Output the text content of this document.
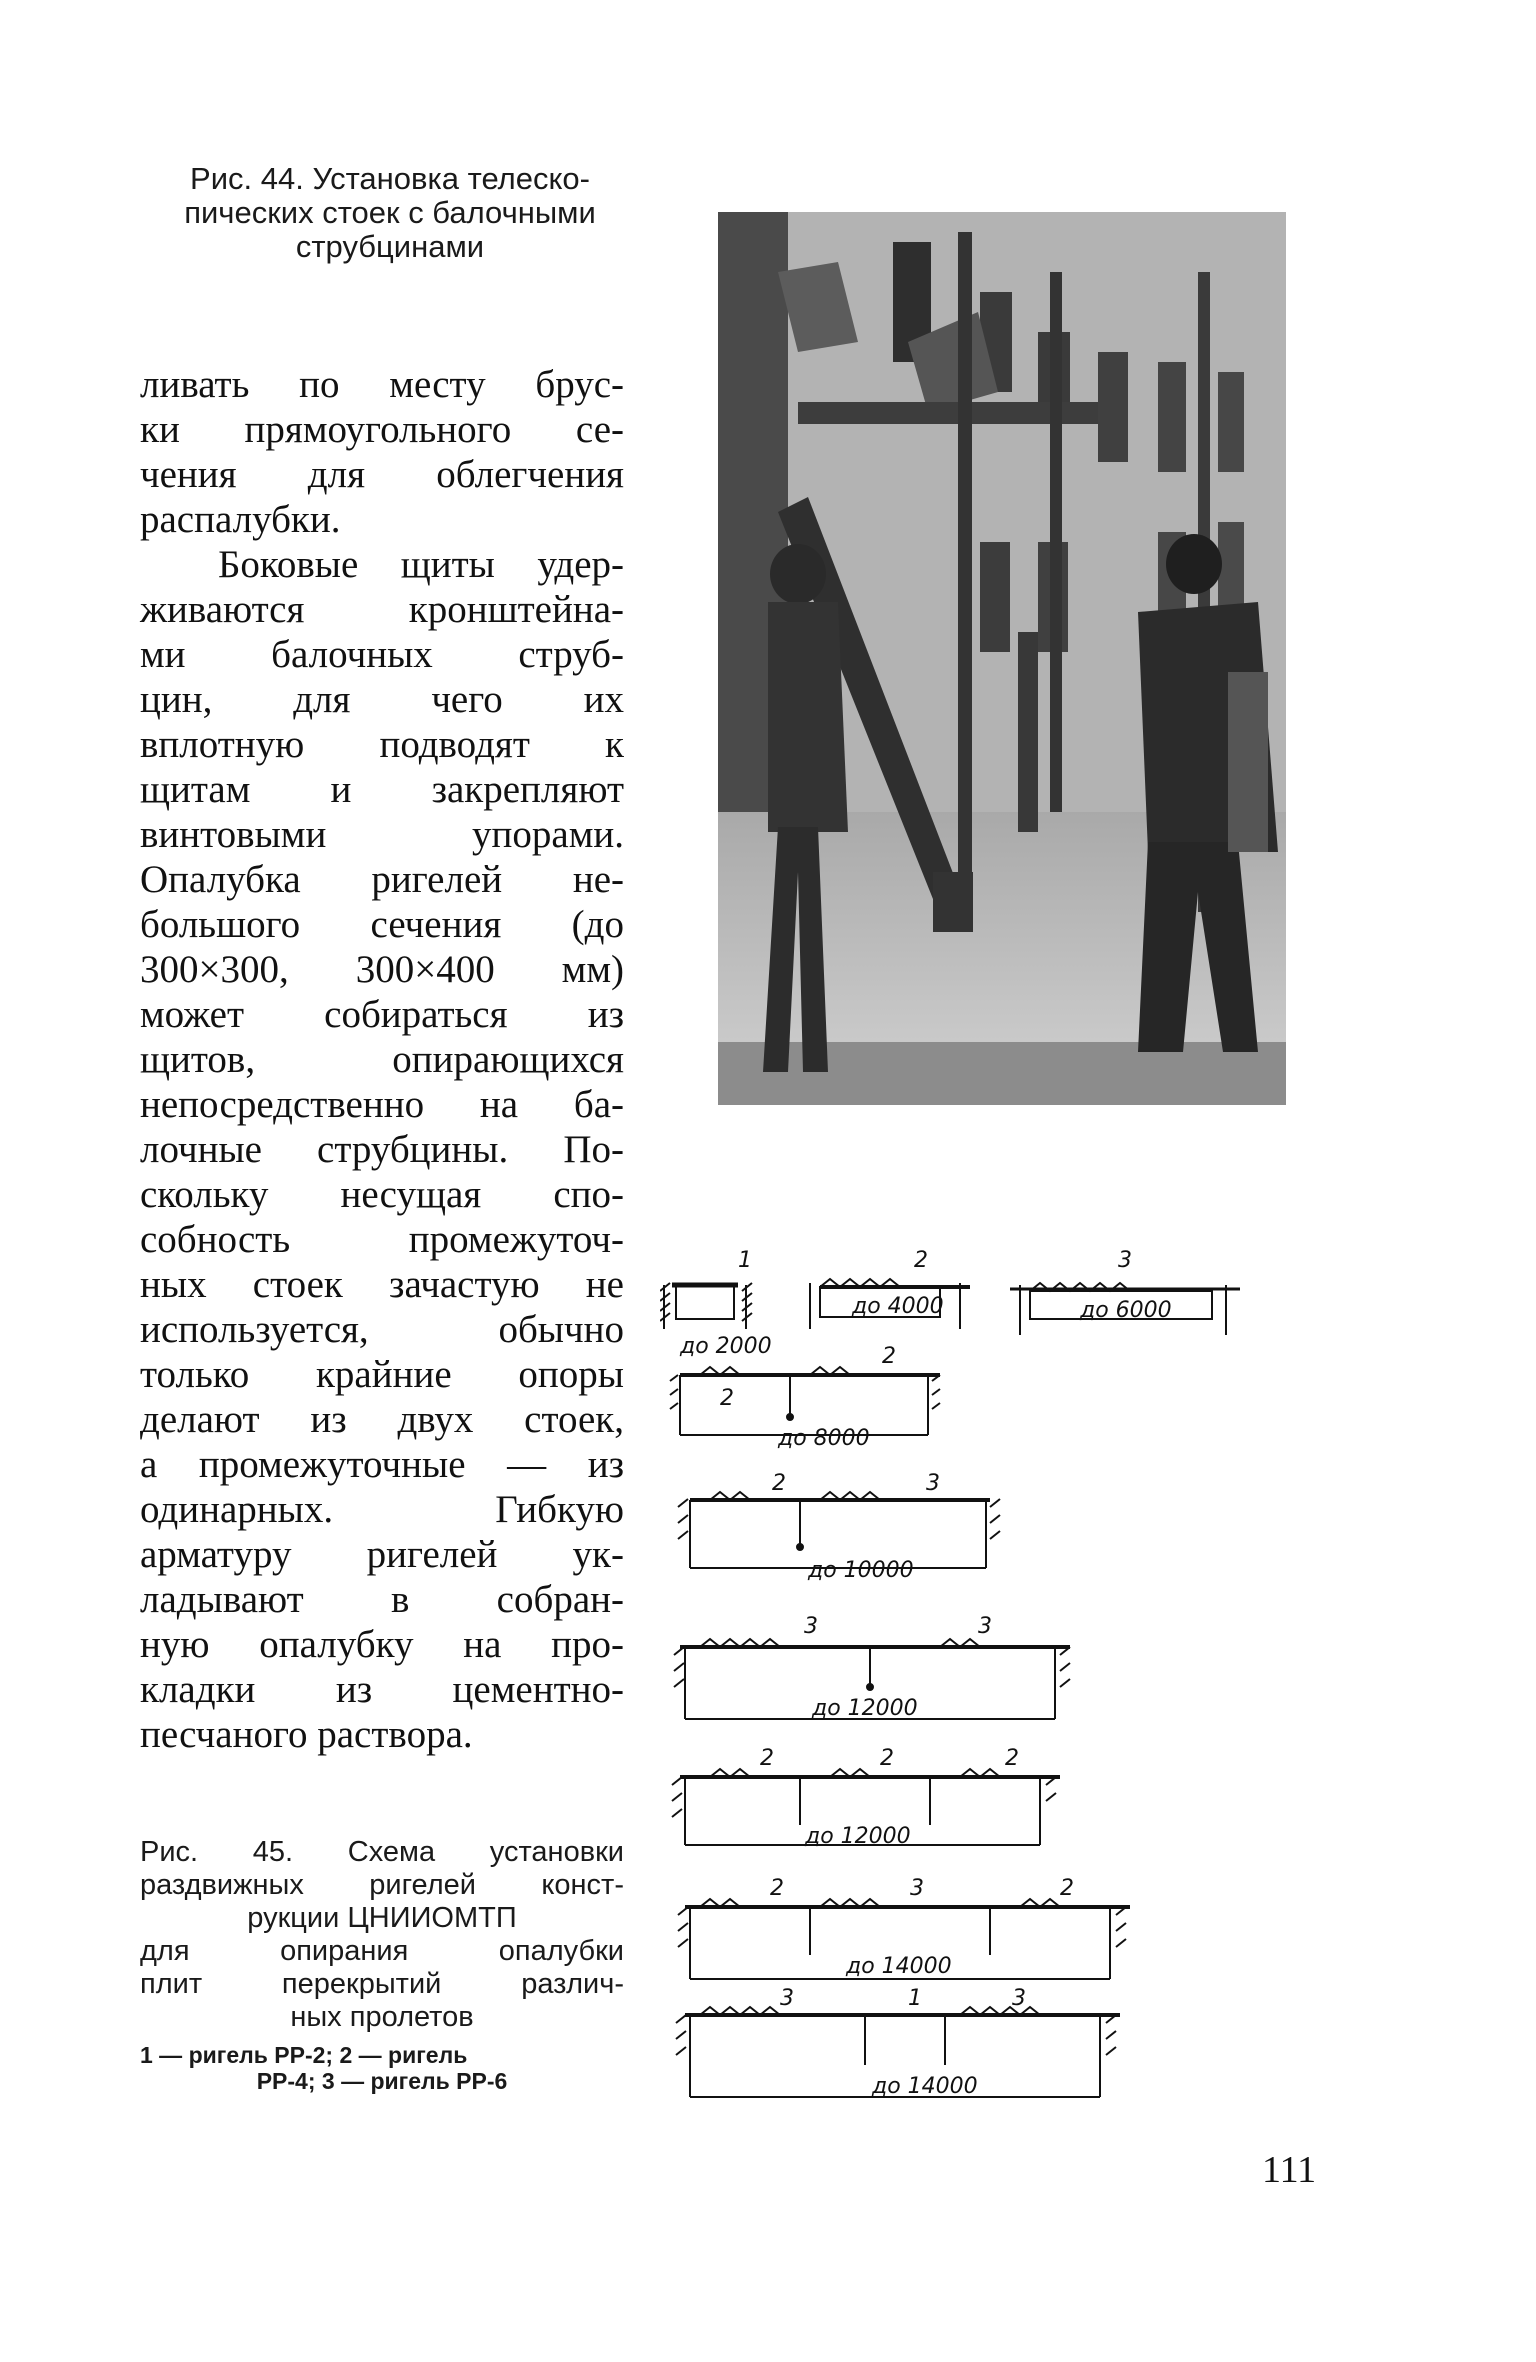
Рис. 44. Установка телеско-
пических стоек с балочными
струбцинами
ливать по месту брус-
ки прямоугольного се-
чения для облегчения
распалубки.
Боковые щиты удер-
живаются кронштейна-
ми балочных струб-
цин, для чего их
вплотную подводят к
щитам и закрепляют
винтовыми упорами.
Опалубка ригелей не-
большого сечения (до
300×300, 300×400 мм)
может собираться из
щитов, опирающихся
непосредственно на ба-
лочные струбцины. По-
скольку несущая спо-
собность промежуточ-
ных стоек зачастую не
используется, обычно
только крайние опоры
делают из двух стоек,
а промежуточные — из
одинарных. Гибкую
арматуру ригелей ук-
ладывают в собран-
ную опалубку на про-
кладки из цементно-
песчаного раствора.
1	2	3
до 2000
до 4000	до 6000
2
2
до 8000
2	3
до 10000
3	3
до 12000
2	2	2
до 12000
2	3	2
до 14000
3	1	3
до 14000
Рис. 45. Схема установки
раздвижных ригелей конст-
рукции ЦНИИОМТП
для опирания опалубки
плит перекрытий различ-
ных пролетов
1 — ригель РР-2; 2 — ригель
РР-4; 3 — ригель РР-6
111
